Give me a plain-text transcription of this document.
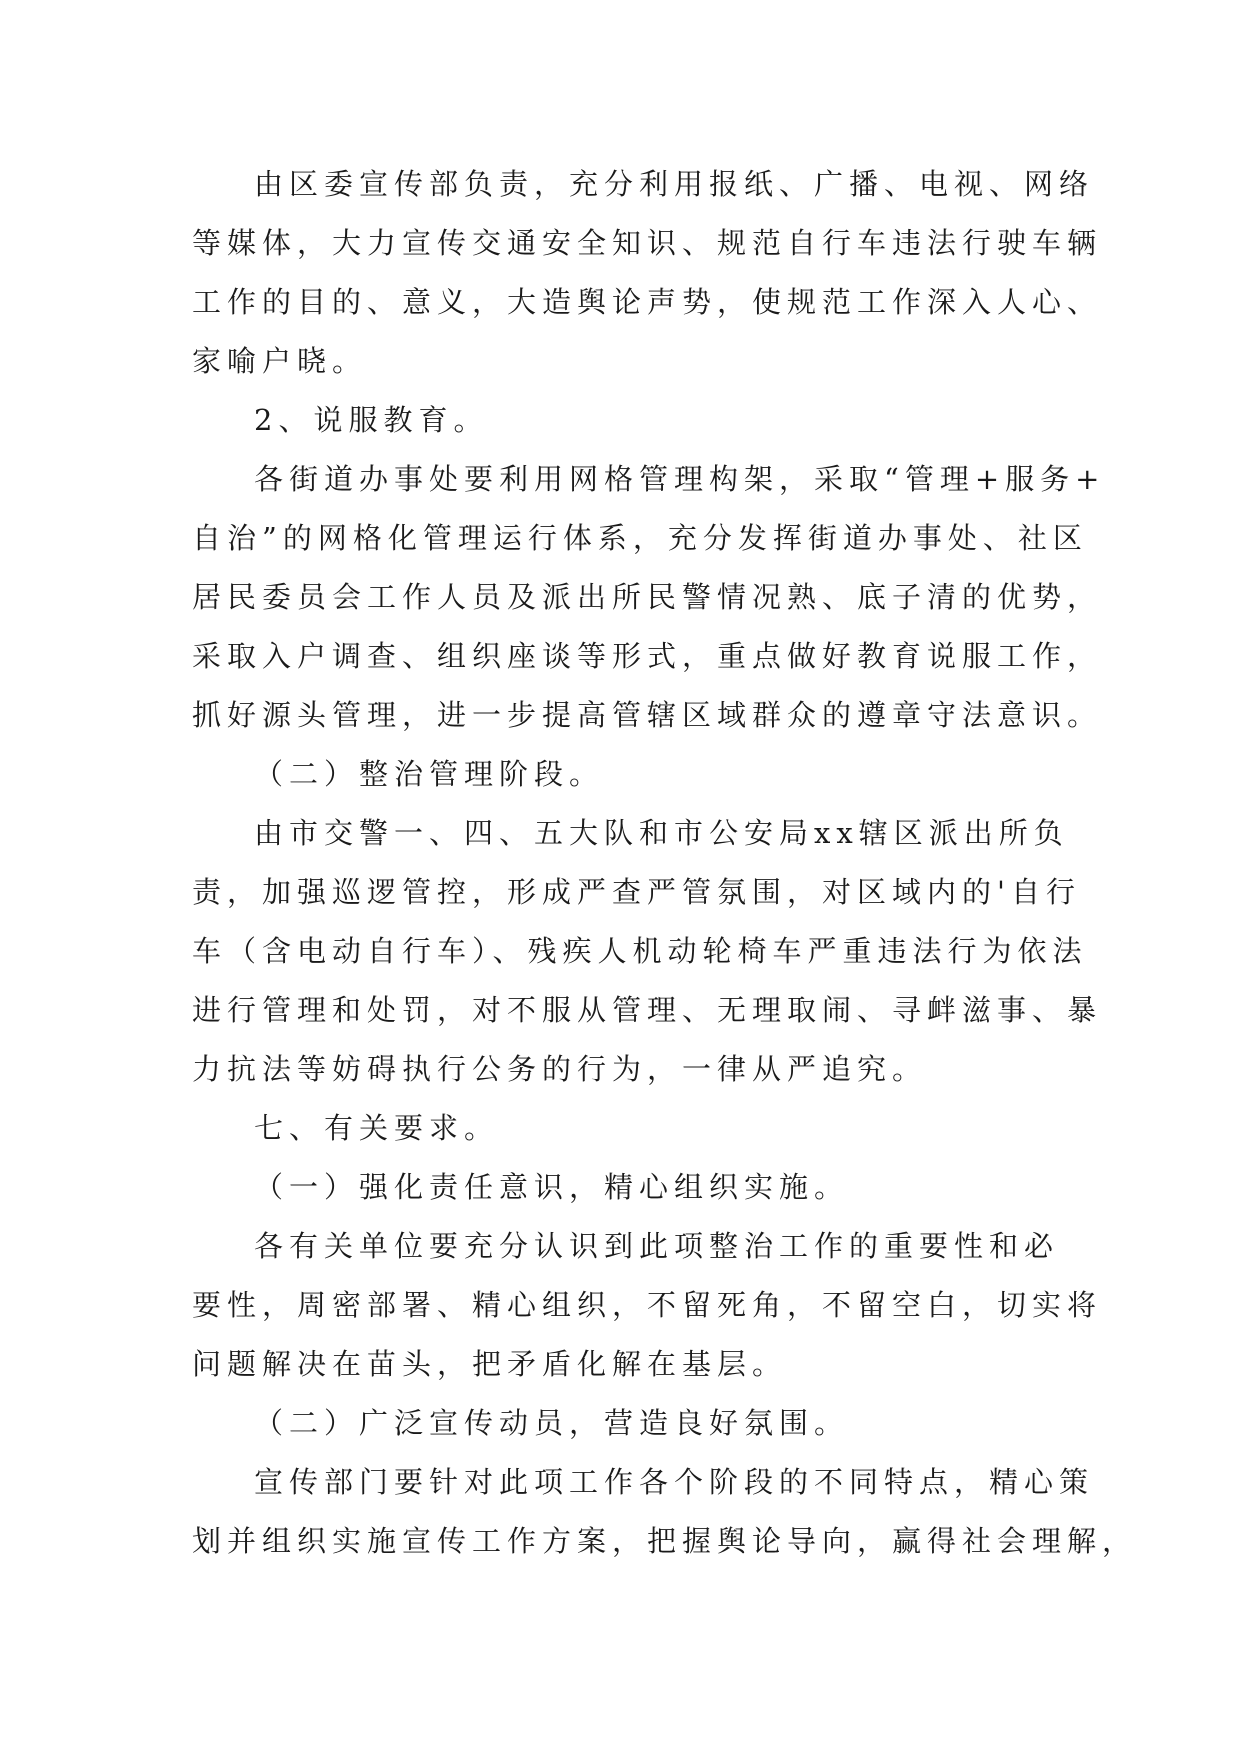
由区委宣传部负责，充分利用报纸、广播、电视、网络
等媒体，大力宣传交通安全知识、规范自行车违法行驶车辆
工作的目的、意义，大造舆论声势，使规范工作深入人心、
家喻户晓。
2、说服教育。
各街道办事处要利用网格管理构架，采取“管理+服务+
自治”的网格化管理运行体系，充分发挥街道办事处、社区
居民委员会工作人员及派出所民警情况熟、底子清的优势，
采取入户调查、组织座谈等形式，重点做好教育说服工作，
抓好源头管理，进一步提高管辖区域群众的遵章守法意识。
（二）整治管理阶段。
由市交警一、四、五大队和市公安局xx辖区派出所负
责，加强巡逻管控，形成严查严管氛围，对区域内的'自行
车（含电动自行车）、残疾人机动轮椅车严重违法行为依法
进行管理和处罚，对不服从管理、无理取闹、寻衅滋事、暴
力抗法等妨碍执行公务的行为，一律从严追究。
七、有关要求。
（一）强化责任意识，精心组织实施。
各有关单位要充分认识到此项整治工作的重要性和必
要性，周密部署、精心组织，不留死角，不留空白，切实将
问题解决在苗头，把矛盾化解在基层。
（二）广泛宣传动员，营造良好氛围。
宣传部门要针对此项工作各个阶段的不同特点，精心策
划并组织实施宣传工作方案，把握舆论导向，赢得社会理解，
